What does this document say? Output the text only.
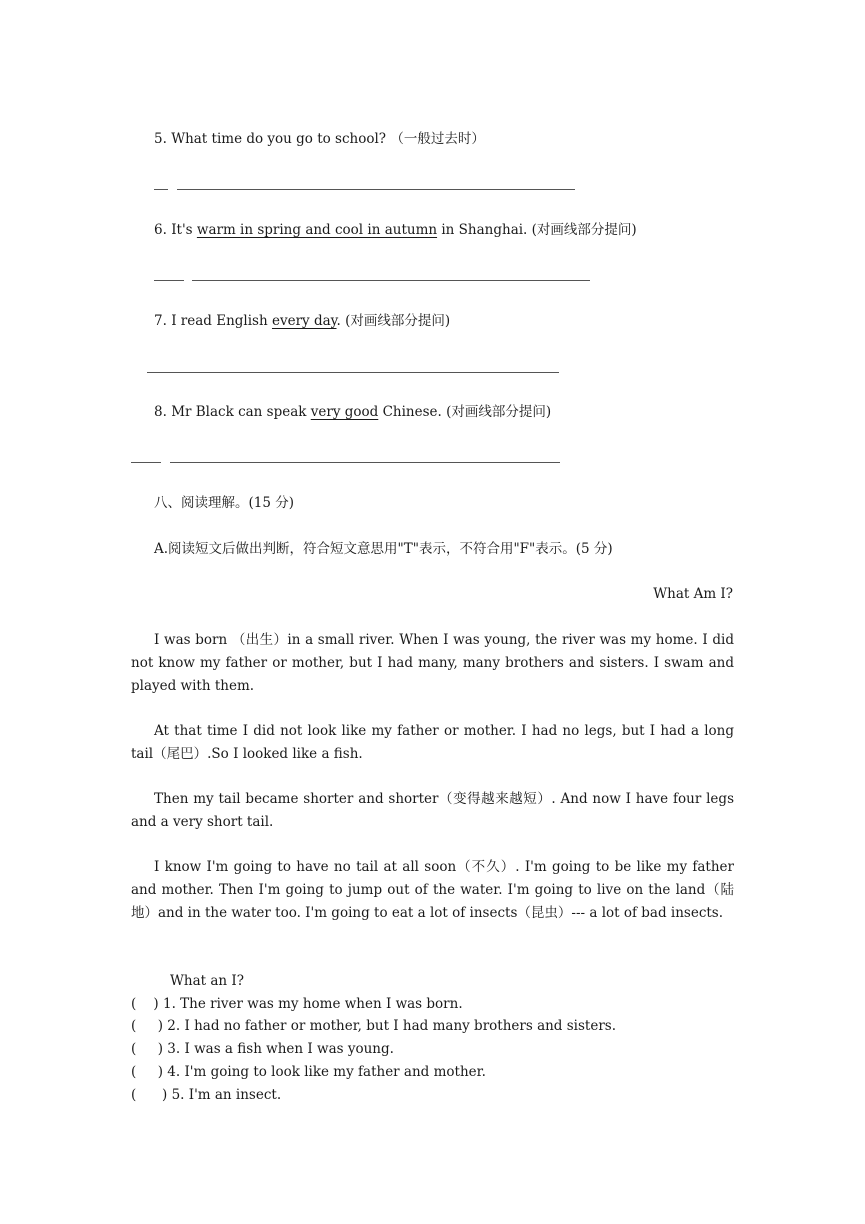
5. What time do you go to school? （一般过去时）
6. It's warm in spring and cool in autumn in Shanghai. (对画线部分提问)
7. I read English every day. (对画线部分提问)
8. Mr Black can speak very good Chinese. (对画线部分提问)
八、阅读理解。(15 分)
A.阅读短文后做出判断，符合短文意思用"T"表示，不符合用"F"表示。(5 分)
What Am I?
I was born （出生）in a small river. When I was young, the river was my home. I did not know my father or mother, but I had many, many brothers and sisters. I swam and played with them.
At that time I did not look like my father or mother. I had no legs, but I had a long tail（尾巴）.So I looked like a fish.
Then my tail became shorter and shorter（变得越来越短）. And now I have four legs and a very short tail.
I know I'm going to have no tail at all soon（不久）. I'm going to be like my father and mother. Then I'm going to jump out of the water. I'm going to live on the land（陆地）and in the water too. I'm going to eat a lot of insects（昆虫）--- a lot of bad insects.
What an I?
(    ) 1. The river was my home when I was born.
(     ) 2. I had no father or mother, but I had many brothers and sisters.
(     ) 3. I was a fish when I was young.
(     ) 4. I'm going to look like my father and mother.
(      ) 5. I'm an insect.
